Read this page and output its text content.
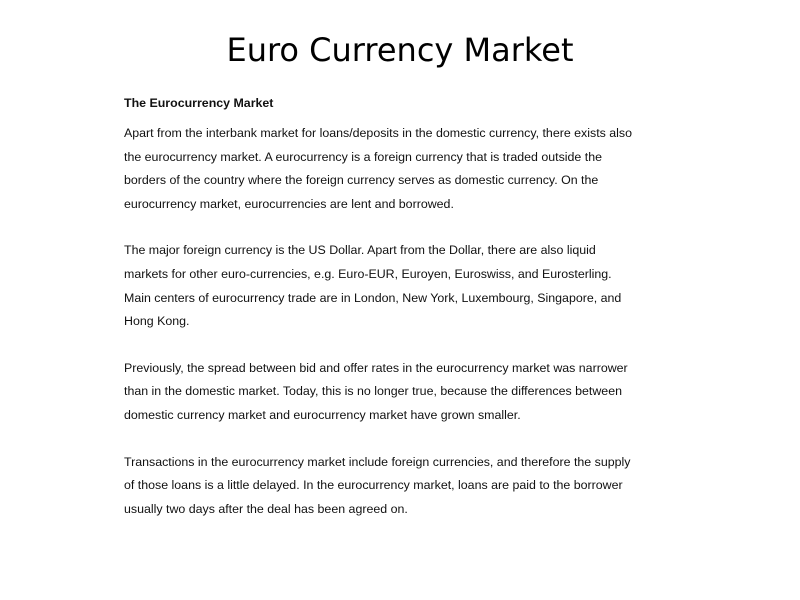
Euro Currency Market
The Eurocurrency Market

Apart from the interbank market for loans/deposits in the domestic currency, there exists also
the eurocurrency market. A eurocurrency is a foreign currency that is traded outside the
borders of the country where the foreign currency serves as domestic currency. On the
eurocurrency market, eurocurrencies are lent and borrowed.

The major foreign currency is the US Dollar. Apart from the Dollar, there are also liquid
markets for other euro-currencies, e.g. Euro-EUR, Euroyen, Euroswiss, and Eurosterling.
Main centers of eurocurrency trade are in London, New York, Luxembourg, Singapore, and
Hong Kong.

Previously, the spread between bid and offer rates in the eurocurrency market was narrower
than in the domestic market. Today, this is no longer true, because the differences between
domestic currency market and eurocurrency market have grown smaller.

Transactions in the eurocurrency market include foreign currencies, and therefore the supply
of those loans is a little delayed. In the eurocurrency market, loans are paid to the borrower
usually two days after the deal has been agreed on.
